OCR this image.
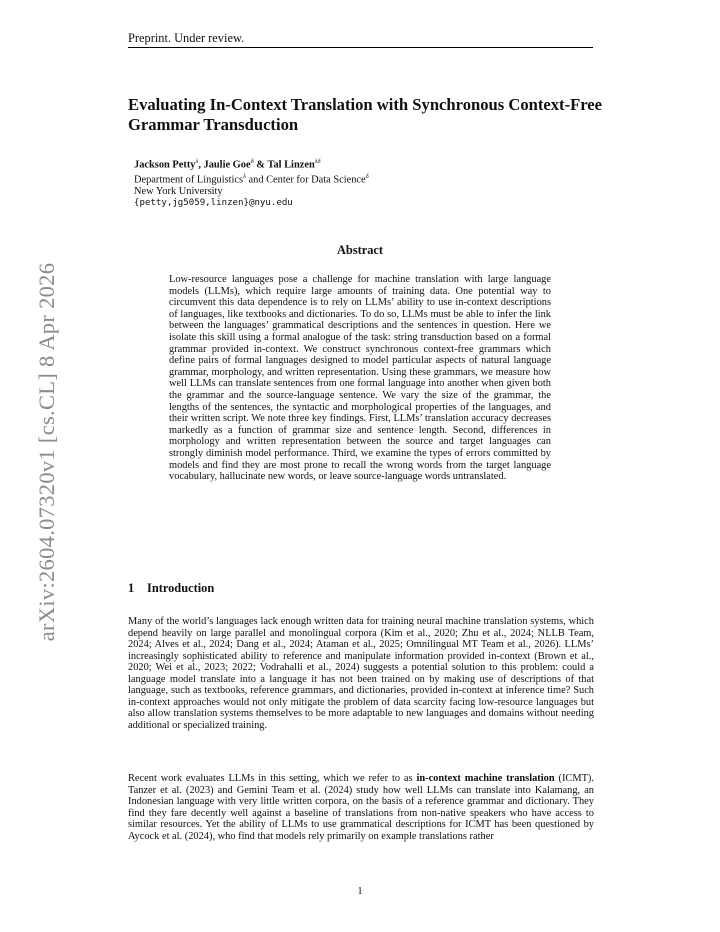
Preprint. Under review.
arXiv:2604.07320v1 [cs.CL] 8 Apr 2026
Evaluating In-Context Translation with Synchronous Context-Free Grammar Transduction
Jackson Petty$^\lambda$, Jaulie Goe$^\delta$ & Tal Linzen$^{\lambda\delta}$
Department of Linguistics$^\lambda$ and Center for Data Science$^\delta$
New York University
{petty,jg5059,linzen}@nyu.edu
Abstract

Low-resource languages pose a challenge for machine translation with large language models (LLMs), which require large amounts of training data. One potential way to circumvent this data dependence is to rely on LLMs’ ability to use in-context descriptions of languages, like textbooks and dictionaries. To do so, LLMs must be able to infer the link between the languages’ grammatical descriptions and the sentences in question. Here we isolate this skill using a formal analogue of the task: string transduction based on a formal grammar provided in-context. We construct synchronous context-free grammars which define pairs of formal languages designed to model particular aspects of natural language grammar, morphology, and written representation. Using these grammars, we measure how well LLMs can translate sentences from one formal language into another when given both the grammar and the source-language sentence. We vary the size of the grammar, the lengths of the sentences, the syntactic and morphological properties of the languages, and their written script. We note three key findings. First, LLMs’ translation accuracy decreases markedly as a function of grammar size and sentence length. Second, differences in morphology and written representation between the source and target languages can strongly diminish model performance. Third, we examine the types of errors committed by models and find they are most prone to recall the wrong words from the target language vocabulary, hallucinate new words, or leave source-language words untranslated.

1 Introduction

Many of the world’s languages lack enough written data for training neural machine translation systems, which depend heavily on large parallel and monolingual corpora (Kim et al., 2020; Zhu et al., 2024; NLLB Team, 2024; Alves et al., 2024; Dang et al., 2024; Ataman et al., 2025; Omnilingual MT Team et al., 2026). LLMs’ increasingly sophisticated ability to reference and manipulate information provided in-context (Brown et al., 2020; Wei et al., 2023; 2022; Vodrahalli et al., 2024) suggests a potential solution to this problem: could a language model translate into a language it has not been trained on by making use of descriptions of that language, such as textbooks, reference grammars, and dictionaries, provided in-context at inference time? Such in-context approaches would not only mitigate the problem of data scarcity facing low-resource languages but also allow translation systems themselves to be more adaptable to new languages and domains without needing additional or specialized training.

Recent work evaluates LLMs in this setting, which we refer to as in-context machine translation (ICMT). Tanzer et al. (2023) and Gemini Team et al. (2024) study how well LLMs can translate into Kalamang, an Indonesian language with very little written corpora, on the basis of a reference grammar and dictionary. They find they fare decently well against a baseline of translations from non-native speakers who have access to similar resources. Yet the ability of LLMs to use grammatical descriptions for ICMT has been questioned by Aycock et al. (2024), who find that models rely primarily on example translations rather

1
